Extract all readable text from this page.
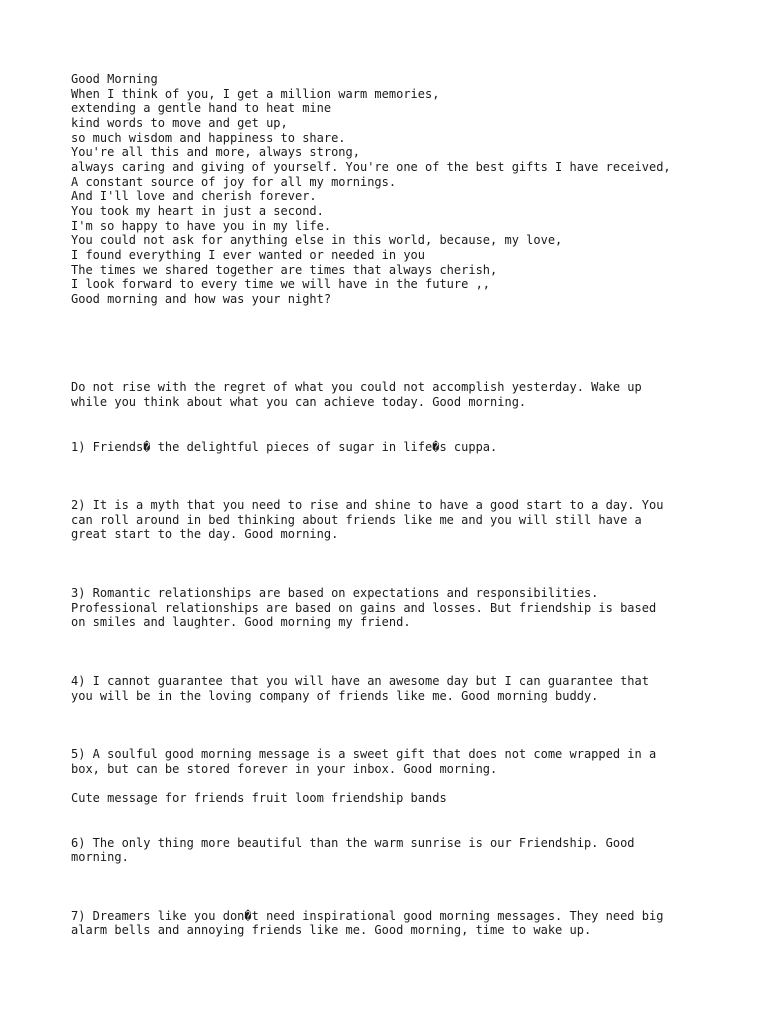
Good Morning

When I think of you, I get a million warm memories,

extending a gentle hand to heat mine

kind words to move and get up,

so much wisdom and happiness to share.

You're all this and more, always strong,

always caring and giving of yourself. You're one of the best gifts I have received,

A constant source of joy for all my mornings.

And I'll love and cherish forever.

You took my heart in just a second.

I'm so happy to have you in my life.

You could not ask for anything else in this world, because, my love,

I found everything I ever wanted or needed in you

The times we shared together are times that always cherish,

I look forward to every time we will have in the future ,,

Good morning and how was your night?

Do not rise with the regret of what you could not accomplish yesterday. Wake up

while you think about what you can achieve today. Good morning.

1) Friends� the delightful pieces of sugar in life�s cuppa.

2) It is a myth that you need to rise and shine to have a good start to a day. You

can roll around in bed thinking about friends like me and you will still have a

great start to the day. Good morning.

3) Romantic relationships are based on expectations and responsibilities.

Professional relationships are based on gains and losses. But friendship is based

on smiles and laughter. Good morning my friend.

4) I cannot guarantee that you will have an awesome day but I can guarantee that

you will be in the loving company of friends like me. Good morning buddy.

5) A soulful good morning message is a sweet gift that does not come wrapped in a

box, but can be stored forever in your inbox. Good morning.

Cute message for friends fruit loom friendship bands

6) The only thing more beautiful than the warm sunrise is our Friendship. Good

morning.

7) Dreamers like you don�t need inspirational good morning messages. They need big

alarm bells and annoying friends like me. Good morning, time to wake up.
